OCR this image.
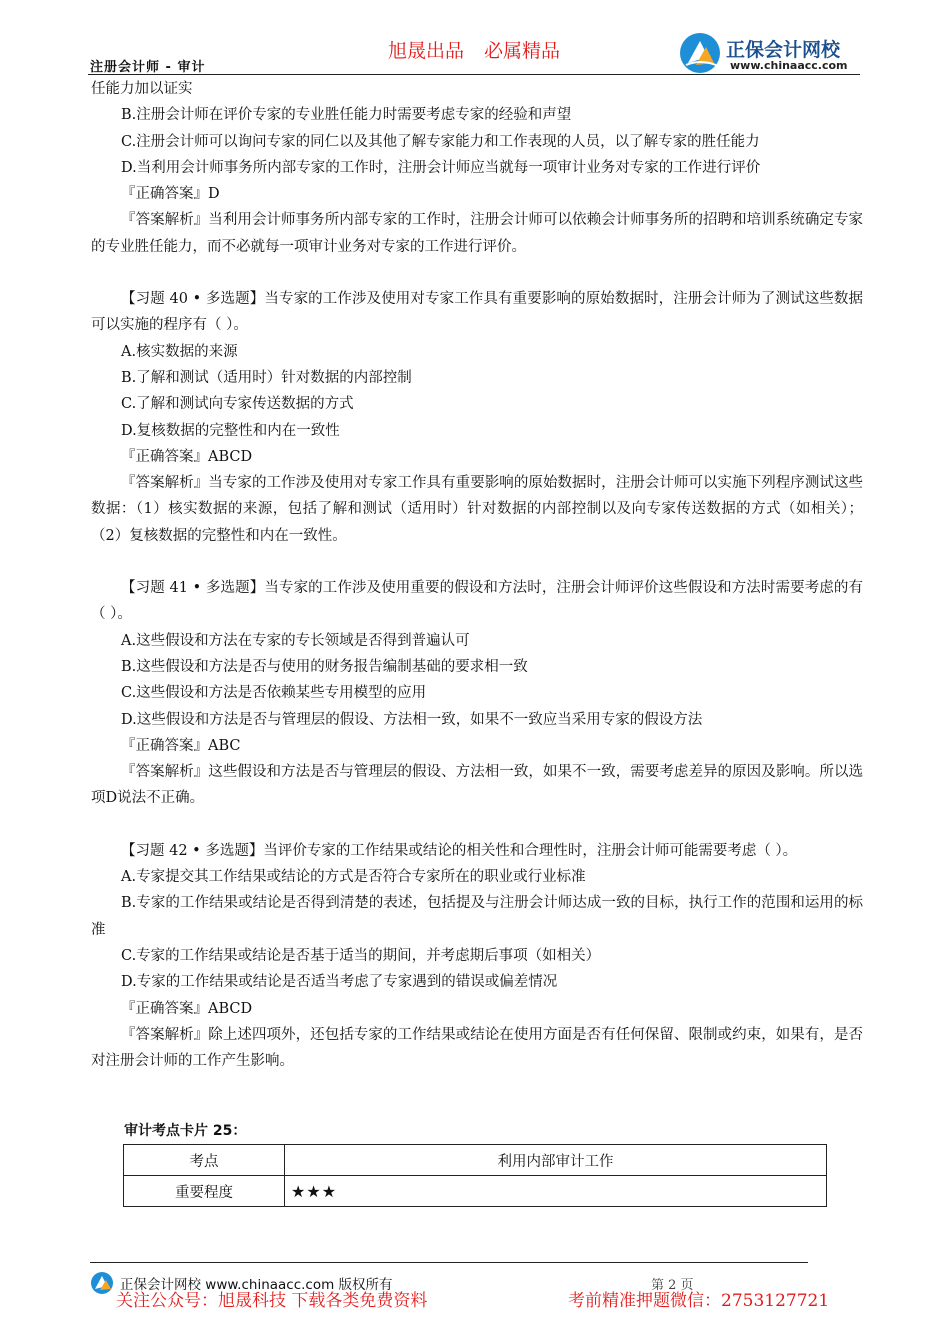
注册会计师 - 审计
旭晟出品 必属精品	正保会计网校
www.chinaacc.com

任能力加以证实

B.注册会计师在评价专家的专业胜任能力时需要考虑专家的经验和声望

C.注册会计师可以询问专家的同仁以及其他了解专家能力和工作表现的人员，以了解专家的胜任能力

D.当利用会计师事务所内部专家的工作时，注册会计师应当就每一项审计业务对专家的工作进行评价

『正确答案』D

『答案解析』当利用会计师事务所内部专家的工作时，注册会计师可以依赖会计师事务所的招聘和培训系统确定专家的专业胜任能力，而不必就每一项审计业务对专家的工作进行评价。

【习题 40 • 多选题】当专家的工作涉及使用对专家工作具有重要影响的原始数据时，注册会计师为了测试这些数据可以实施的程序有（ ）。

A.核实数据的来源

B.了解和测试（适用时）针对数据的内部控制

C.了解和测试向专家传送数据的方式

D.复核数据的完整性和内在一致性

『正确答案』ABCD

『答案解析』当专家的工作涉及使用对专家工作具有重要影响的原始数据时，注册会计师可以实施下列程序测试这些数据：（1）核实数据的来源，包括了解和测试（适用时）针对数据的内部控制以及向专家传送数据的方式（如相关）；（2）复核数据的完整性和内在一致性。

【习题 41 • 多选题】当专家的工作涉及使用重要的假设和方法时，注册会计师评价这些假设和方法时需要考虑的有（ ）。

A.这些假设和方法在专家的专长领域是否得到普遍认可

B.这些假设和方法是否与使用的财务报告编制基础的要求相一致

C.这些假设和方法是否依赖某些专用模型的应用

D.这些假设和方法是否与管理层的假设、方法相一致，如果不一致应当采用专家的假设方法

『正确答案』ABC

『答案解析』这些假设和方法是否与管理层的假设、方法相一致，如果不一致，需要考虑差异的原因及影响。所以选项D说法不正确。

【习题 42 • 多选题】当评价专家的工作结果或结论的相关性和合理性时，注册会计师可能需要考虑（ ）。

A.专家提交其工作结果或结论的方式是否符合专家所在的职业或行业标准

B.专家的工作结果或结论是否得到清楚的表述，包括提及与注册会计师达成一致的目标，执行工作的范围和运用的标准

C.专家的工作结果或结论是否基于适当的期间，并考虑期后事项（如相关）

D.专家的工作结果或结论是否适当考虑了专家遇到的错误或偏差情况

『正确答案』ABCD

『答案解析』除上述四项外，还包括专家的工作结果或结论在使用方面是否有任何保留、限制或约束，如果有，是否对注册会计师的工作产生影响。

审计考点卡片 25：
考点	利用内部审计工作
重要程度	★★★
正保会计网校 www.chinaacc.com 版权所有	第 2 页
关注公众号：旭晟科技 下载各类免费资料	考前精准押题微信：2753127721
